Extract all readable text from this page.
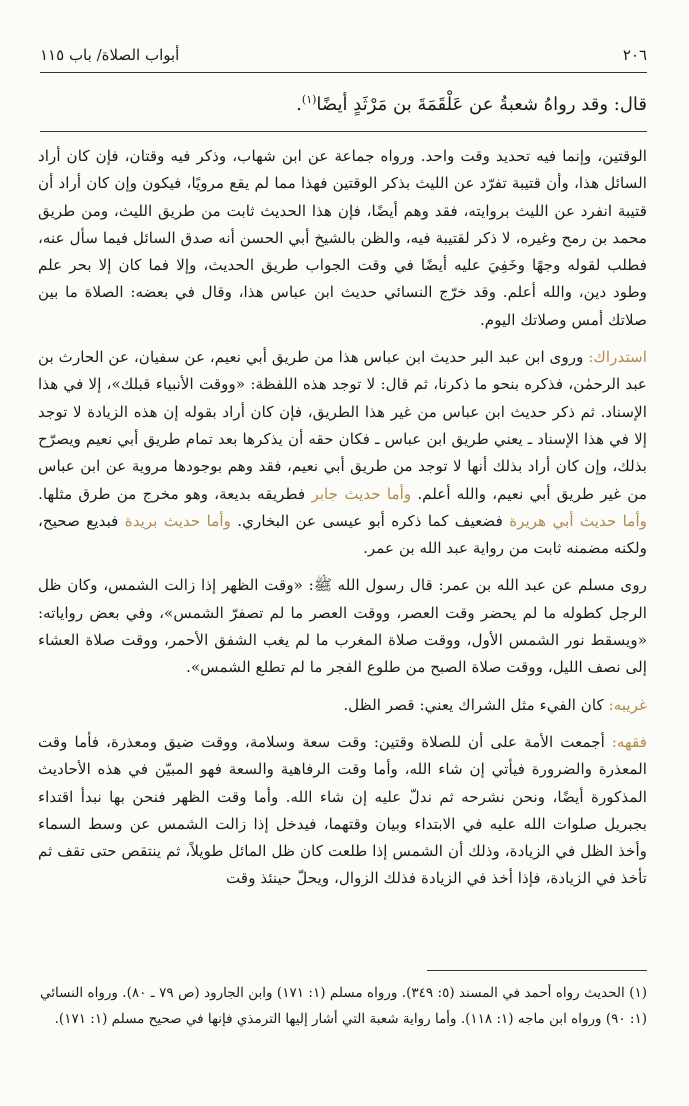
٢٠٦
أبواب الصلاة/ باب ١١٥
قال: وقد رواهُ شعبةُ عن عَلْقَمَةَ بن مَرْثَدٍ أيضًا$^{(١)}$.

الوقتين، وإنما فيه تحديد وقت واحد. ورواه جماعة عن ابن شهاب، وذكر فيه وقتان، فإن كان أراد السائل هذا، وأن قتيبة تفرّد عن الليث بذكر الوقتين فهذا مما لم يقع مرويًا، فيكون وإن كان أراد أن قتيبة انفرد عن الليث بروايته، فقد وهم أيضًا، فإن هذا الحديث ثابت من طريق الليث، ومن طريق محمد بن رمح وغيره، لا ذكر لقتيبة فيه، والظن بالشيخ أبي الحسن أنه صدق السائل فيما سأل عنه، فطلب لقوله وجهًا وخَفِيَ عليه أيضًا في وقت الجواب طريق الحديث، وإلا فما كان إلا بحر علم وطود دين، والله أعلم. وقد خرّج النسائي حديث ابن عباس هذا، وقال في بعضه: الصلاة ما بين صلاتك أمس وصلاتك اليوم.

استدراك: وروى ابن عبد البر حديث ابن عباس هذا من طريق أبي نعيم، عن سفيان، عن الحارث بن عبد الرحمٰن، فذكره بنحو ما ذكرنا، ثم قال: لا توجد هذه اللفظة: «ووقت الأنبياء قبلك»، إلا في هذا الإسناد. ثم ذكر حديث ابن عباس من غير هذا الطريق، فإن كان أراد بقوله إن هذه الزيادة لا توجد إلا في هذا الإسناد ـ يعني طريق ابن عباس ـ فكان حقه أن يذكرها بعد تمام طريق أبي نعيم ويصرّح بذلك، وإن كان أراد بذلك أنها لا توجد من طريق أبي نعيم، فقد وهم بوجودها مروية عن ابن عباس من غير طريق أبي نعيم، والله أعلم. وأما حديث جابر فطريقه بديعة، وهو مخرج من طرق مثلها. وأما حديث أبي هريرة فضعيف كما ذكره أبو عيسى عن البخاري. وأما حديث بريدة فبديع صحيح، ولكنه مضمنه ثابت من رواية عبد الله بن عمر.

روى مسلم عن عبد الله بن عمر: قال رسول الله ﷺ: «وقت الظهر إذا زالت الشمس، وكان ظل الرجل كطوله ما لم يحضر وقت العصر، ووقت العصر ما لم تصفرّ الشمس»، وفي بعض رواياته: «ويسقط نور الشمس الأول، ووقت صلاة المغرب ما لم يغب الشفق الأحمر، ووقت صلاة العشاء إلى نصف الليل، ووقت صلاة الصبح من طلوع الفجر ما لم تطلع الشمس».

غريبه: كان الفيء مثل الشراك يعني: قصر الظل.

فقهه: أجمعت الأمة على أن للصلاة وقتين: وقت سعة وسلامة، ووقت ضيق ومعذرة، فأما وقت المعذرة والضرورة فيأتي إن شاء الله، وأما وقت الرفاهية والسعة فهو المبيّن في هذه الأحاديث المذكورة أيضًا، ونحن نشرحه ثم ندلّ عليه إن شاء الله. وأما وقت الظهر فنحن بها نبدأ اقتداء بجبريل صلوات الله عليه في الابتداء وبيان وقتهما، فيدخل إذا زالت الشمس عن وسط السماء وأخذ الظل في الزيادة، وذلك أن الشمس إذا طلعت كان ظل المائل طويلاً، ثم ينتقص حتى تقف ثم تأخذ في الزيادة، فإذا أخذ في الزيادة فذلك الزوال، ويحلّ حينئذ وقت

(١) الحديث رواه أحمد في المسند (٥: ٣٤٩). ورواه مسلم (١: ١٧١) وابن الجارود (ص ٧٩ ـ ٨٠). ورواه النسائي (١: ٩٠) ورواه ابن ماجه (١: ١١٨). وأما رواية شعبة التي أشار إليها الترمذي فإنها في صحيح مسلم (١: ١٧١).
